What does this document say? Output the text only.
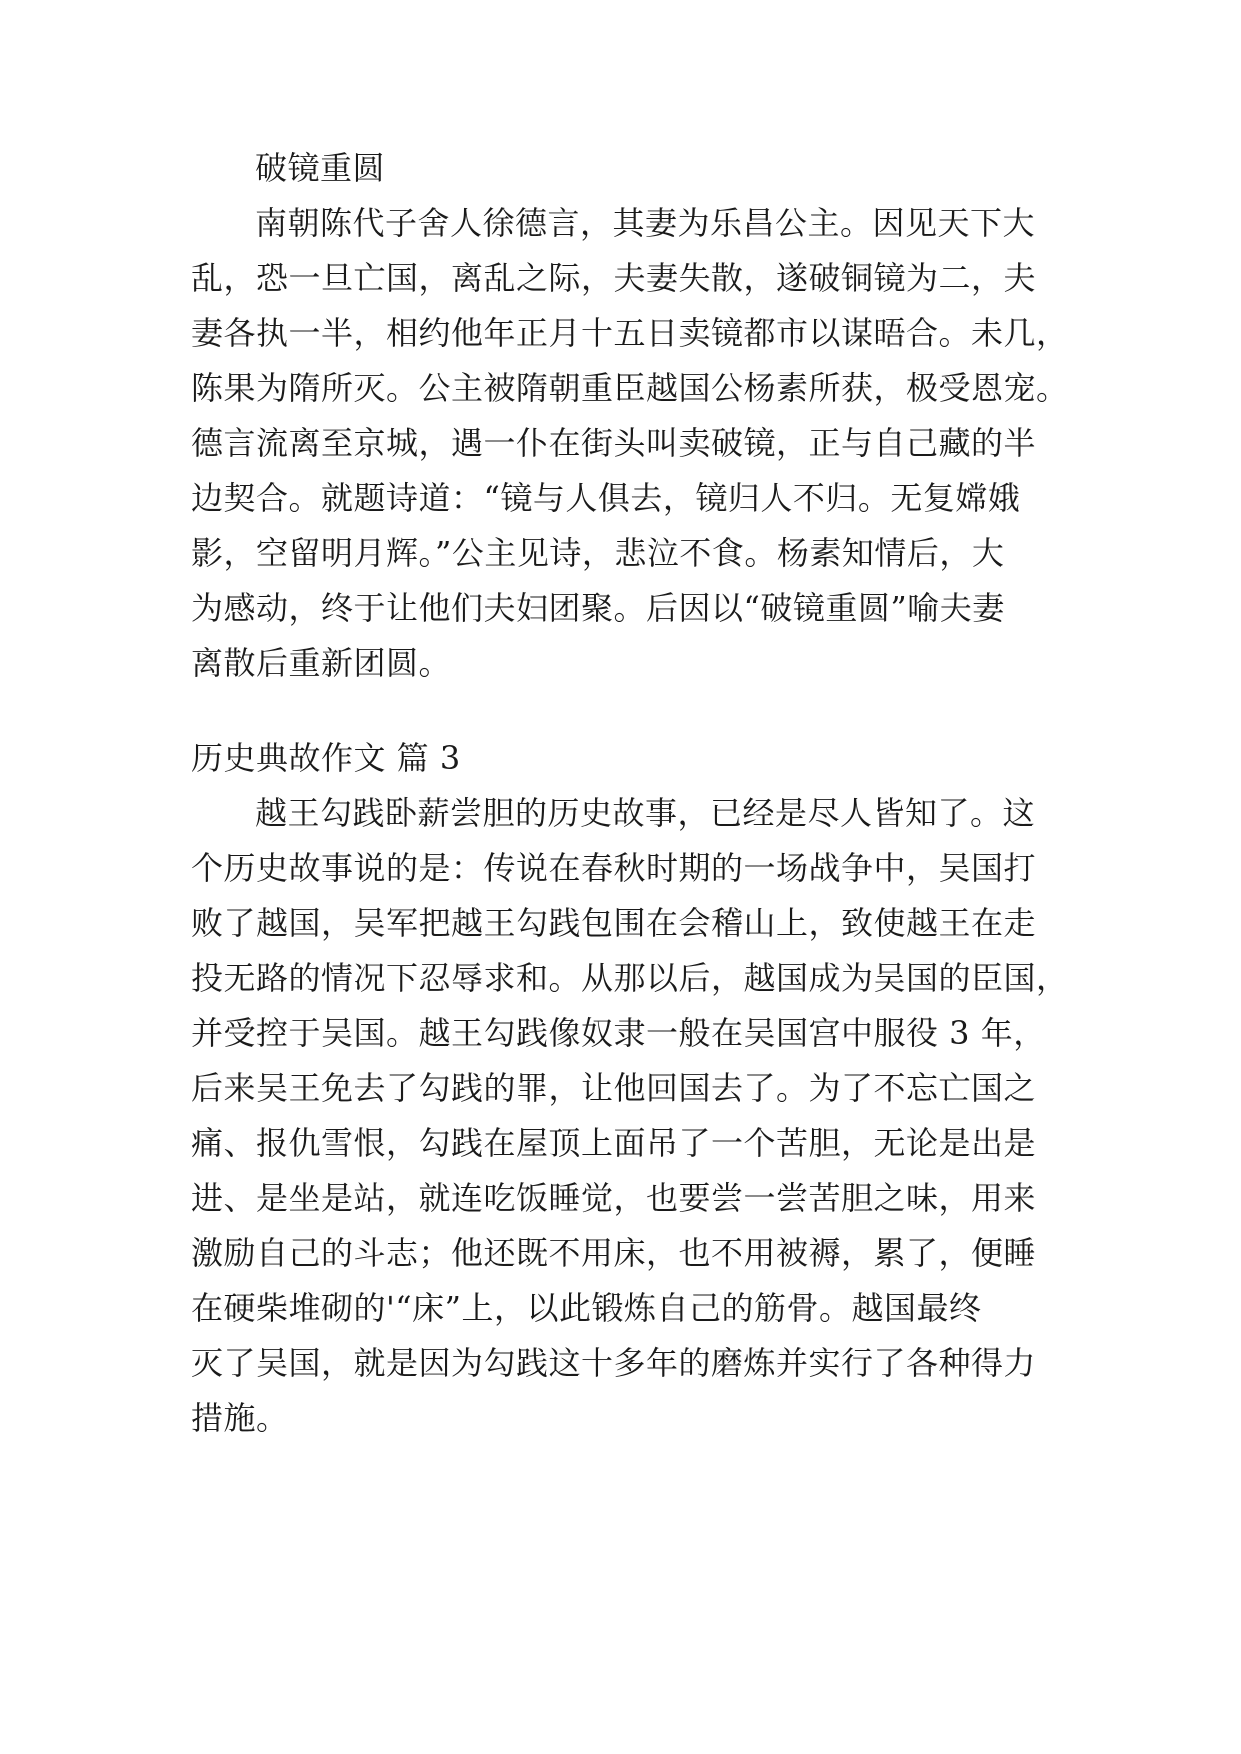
破镜重圆
南朝陈代子舍人徐德言，其妻为乐昌公主。因见天下大
乱，恐一旦亡国，离乱之际，夫妻失散，遂破铜镜为二，夫
妻各执一半，相约他年正月十五日卖镜都市以谋晤合。未几，
陈果为隋所灭。公主被隋朝重臣越国公杨素所获，极受恩宠。
德言流离至京城，遇一仆在街头叫卖破镜，正与自己藏的半
边契合。就题诗道：“镜与人俱去，镜归人不归。无复嫦娥
影，空留明月辉。”公主见诗，悲泣不食。杨素知情后，大
为感动，终于让他们夫妇团聚。后因以“破镜重圆”喻夫妻
离散后重新团圆。
历史典故作文 篇 3
越王勾践卧薪尝胆的历史故事，已经是尽人皆知了。这
个历史故事说的是：传说在春秋时期的一场战争中，吴国打
败了越国，吴军把越王勾践包围在会稽山上，致使越王在走
投无路的情况下忍辱求和。从那以后，越国成为吴国的臣国，
并受控于吴国。越王勾践像奴隶一般在吴国宫中服役 3 年，
后来吴王免去了勾践的罪，让他回国去了。为了不忘亡国之
痛、报仇雪恨，勾践在屋顶上面吊了一个苦胆，无论是出是
进、是坐是站，就连吃饭睡觉，也要尝一尝苦胆之味，用来
激励自己的斗志；他还既不用床，也不用被褥，累了，便睡
在硬柴堆砌的'“床”上，以此锻炼自己的筋骨。越国最终
灭了吴国，就是因为勾践这十多年的磨炼并实行了各种得力
措施。
